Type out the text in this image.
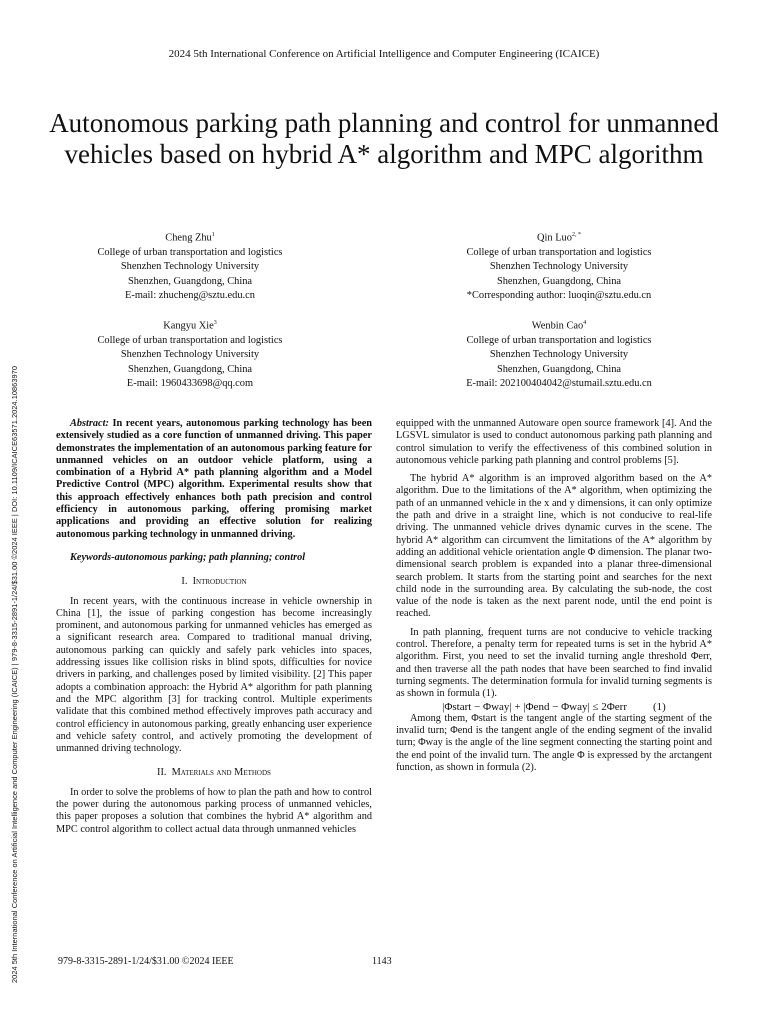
2024 5th International Conference on Artificial Intelligence and Computer Engineering (ICAICE)
Autonomous parking path planning and control for unmanned vehicles based on hybrid A* algorithm and MPC algorithm
2024 5th International Conference on Artificial Intelligence and Computer Engineering (ICAICE) | 979-8-3315-2891-1/24/$31.00 ©2024 IEEE | DOI: 10.1109/ICAICE63571.2024.10863970
Cheng Zhu$^1$
College of urban transportation and logistics
Shenzhen Technology University
Shenzhen, Guangdong, China
E-mail: zhucheng@sztu.edu.cn
Qin Luo$^{2, *}$
College of urban transportation and logistics
Shenzhen Technology University
Shenzhen, Guangdong, China
*Corresponding author: luoqin@sztu.edu.cn
Kangyu Xie$^3$
College of urban transportation and logistics
Shenzhen Technology University
Shenzhen, Guangdong, China
E-mail: 1960433698@qq.com
Wenbin Cao$^4$
College of urban transportation and logistics
Shenzhen Technology University
Shenzhen, Guangdong, China
E-mail: 202100404042@stumail.sztu.edu.cn

Abstract: In recent years, autonomous parking technology has been extensively studied as a core function of unmanned driving. This paper demonstrates the implementation of an autonomous parking feature for unmanned vehicles on an outdoor vehicle platform, using a combination of a Hybrid A* path planning algorithm and a Model Predictive Control (MPC) algorithm. Experimental results show that this approach effectively enhances both path precision and control efficiency in autonomous parking, offering promising market applications and providing an effective solution for realizing autonomous parking technology in unmanned driving.

Keywords-autonomous parking; path planning; control

I. Introduction

In recent years, with the continuous increase in vehicle ownership in China [1], the issue of parking congestion has become increasingly prominent, and autonomous parking for unmanned vehicles has emerged as a significant research area. Compared to traditional manual driving, autonomous parking can quickly and safely park vehicles into spaces, addressing issues like collision risks in blind spots, difficulties for novice drivers in parking, and challenges posed by limited visibility. [2] This paper adopts a combination approach: the Hybrid A* algorithm for path planning and the MPC algorithm [3] for tracking control. Multiple experiments validate that this combined method effectively improves path accuracy and control efficiency in autonomous parking, greatly enhancing user experience and vehicle safety control, and actively promoting the development of unmanned driving technology.

II. Materials and Methods

In order to solve the problems of how to plan the path and how to control the power during the autonomous parking process of unmanned vehicles, this paper proposes a solution that combines the hybrid A* algorithm and MPC control algorithm to collect actual data through unmanned vehicles

equipped with the unmanned Autoware open source framework [4]. And the LGSVL simulator is used to conduct autonomous parking path planning and control simulation to verify the effectiveness of this combined solution in autonomous vehicle parking path planning and control problems [5].

The hybrid A* algorithm is an improved algorithm based on the A* algorithm. Due to the limitations of the A* algorithm, when optimizing the path of an unmanned vehicle in the x and y dimensions, it can only optimize the path and drive in a straight line, which is not conducive to real-life driving. The unmanned vehicle drives dynamic curves in the scene. The hybrid A* algorithm can circumvent the limitations of the A* algorithm by adding an additional vehicle orientation angle Φ dimension. The planar two-dimensional search problem is expanded into a planar three-dimensional search problem. It starts from the starting point and searches for the next child node in the surrounding area. By calculating the sub-node, the cost value of the node is taken as the next parent node, until the end point is reached.

In path planning, frequent turns are not conducive to vehicle tracking control. Therefore, a penalty term for repeated turns is set in the hybrid A* algorithm. First, you need to set the invalid turning angle threshold Φerr, and then traverse all the path nodes that have been searched to find invalid turning segments. The determination formula for invalid turning segments is as shown in formula (1).

|Φstart − Φway| + |Φend − Φway| ≤ 2Φerr (1)

Among them, Φstart is the tangent angle of the starting segment of the invalid turn; Φend is the tangent angle of the ending segment of the invalid turn; Φway is the angle of the line segment connecting the starting point and the end point of the invalid turn. The angle Φ is expressed by the arctangent function, as shown in formula (2).

979-8-3315-2891-1/24/$31.00 ©2024 IEEE	1143
